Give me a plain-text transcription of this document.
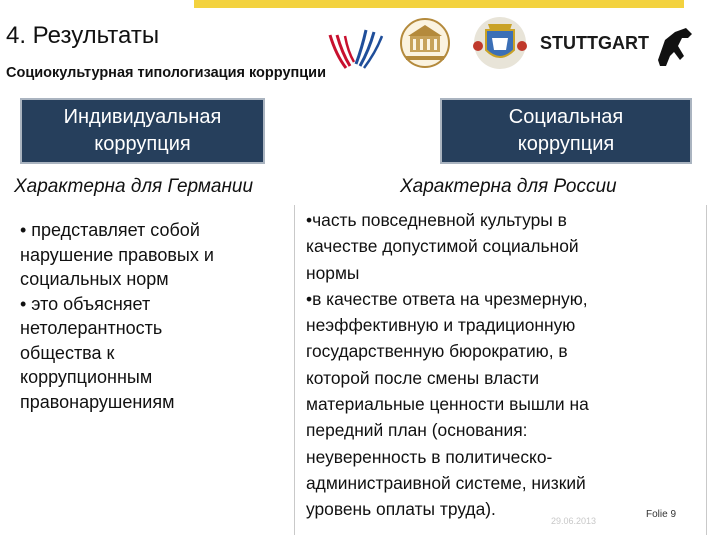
4. Результаты
Социокультурная типологизация коррупции
STUTTGART
Индивидуальная
коррупция
Социальная
коррупция
Характерна для Германии	Характерна для России
• представляет собой
нарушение правовых и
социальных норм
• это объясняет
нетолерантность
общества к
коррупционным
правонарушениям
•часть повседневной культуры в
качестве допустимой социальной
нормы
•в качестве ответа на чрезмерную,
неэффективную и традиционную
государственную бюрократию, в
которой после смены власти
материальные ценности вышли на
передний план (основания:
неуверенность в политическо-
администраивной системе, низкий
уровень оплаты труда).
29.06.2013
Folie 9
